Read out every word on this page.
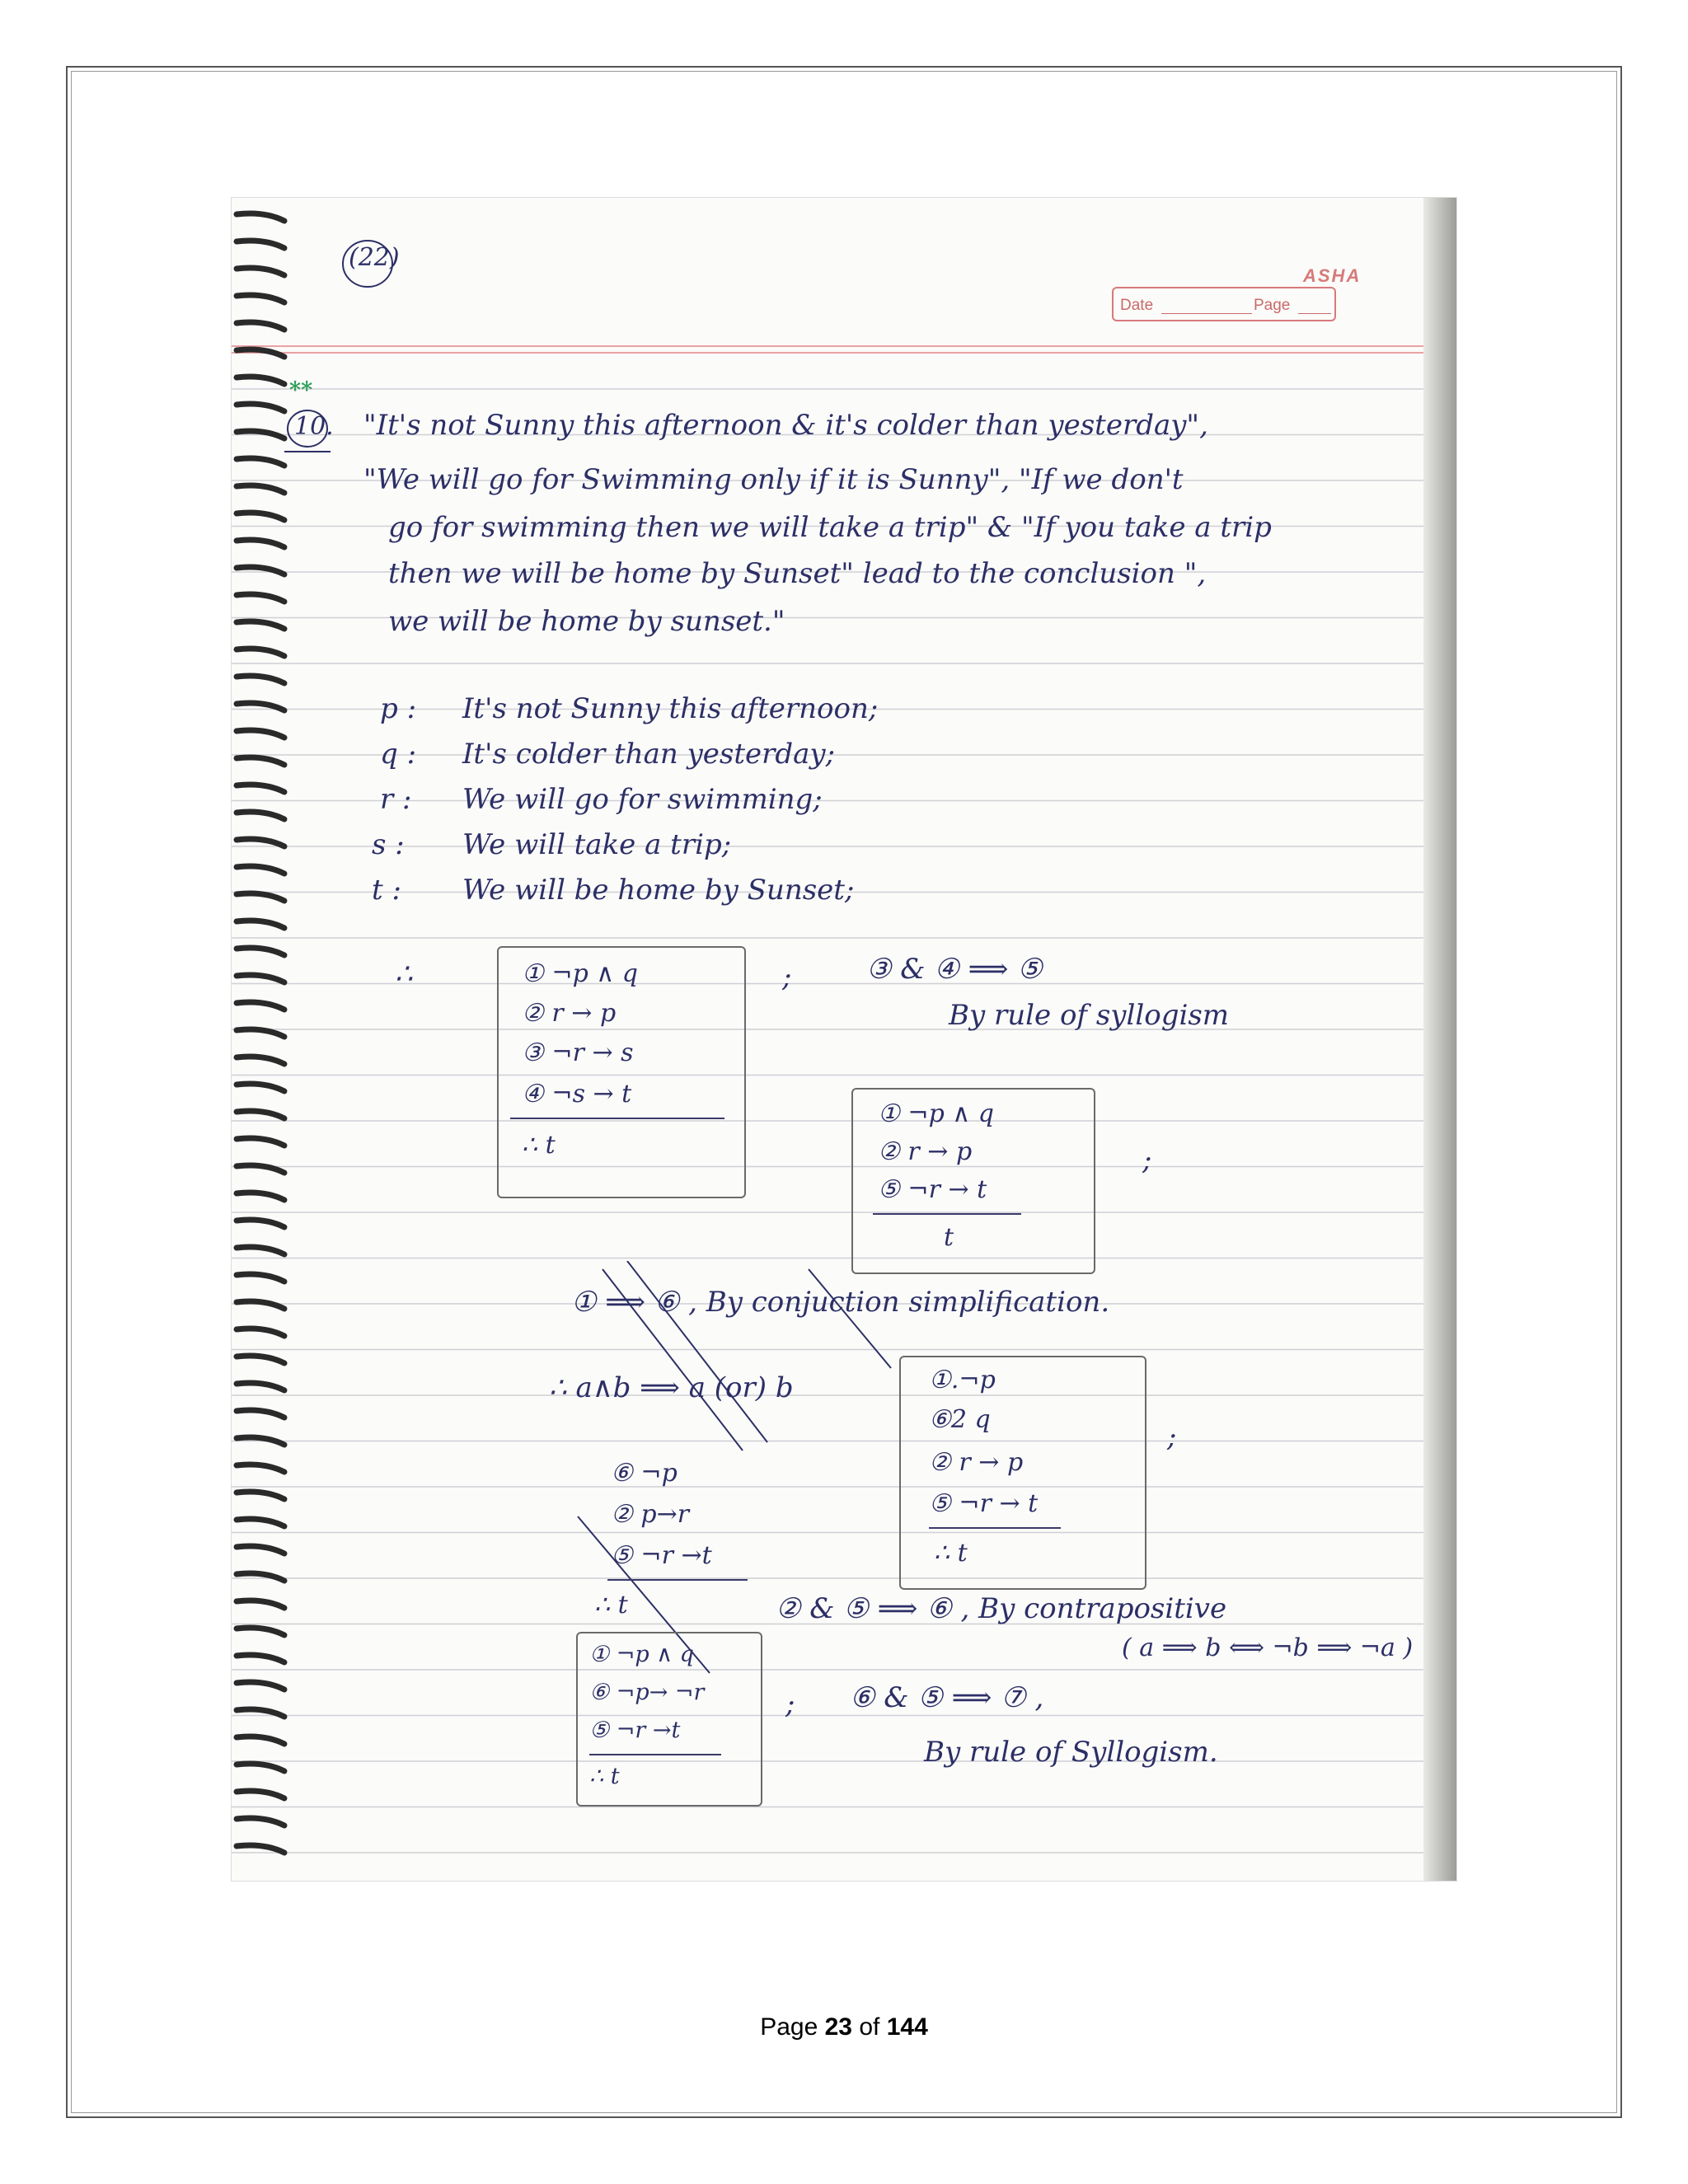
(22)
ASHA
Date	Page
**
10. "It's not Sunny this afternoon & it's colder than yesterday",
"We will go for Swimming only if it is Sunny", "If we don't
go for swimming then we will take a trip" & "If you take a trip
then we will be home by Sunset" lead to the conclusion ",
we will be home by sunset."
p : It's not Sunny this afternoon;
q : It's colder than yesterday;
r : We will go for swimming;
s : We will take a trip;
t : We will be home by Sunset;
∴	① ¬p ∧ q
② r → p
③ ¬r → s
④ ¬s → t
∴ t
;	③ & ④ ⟹ ⑤
By rule of syllogism
① ¬p ∧ q
② r → p
⑤ ¬r → t
t
;
① ⟹ ⑥ , By conjuction simplification.
∴ a∧b ⟹ a (or) b	①.¬p
⑥2 q
② r → p
⑤ ¬r → t
∴ t
;
⑥ ¬p
② p→r
⑤ ¬r →t
∴ t	② & ⑤ ⟹ ⑥ , By contrapositive
( a ⟹ b ⟺ ¬b ⟹ ¬a )
① ¬p ∧ q
⑥ ¬p→ ¬r
⑤ ¬r →t
∴ t
; ⑥ & ⑤ ⟹ ⑦ ,
By rule of Syllogism.
Page 23 of 144
